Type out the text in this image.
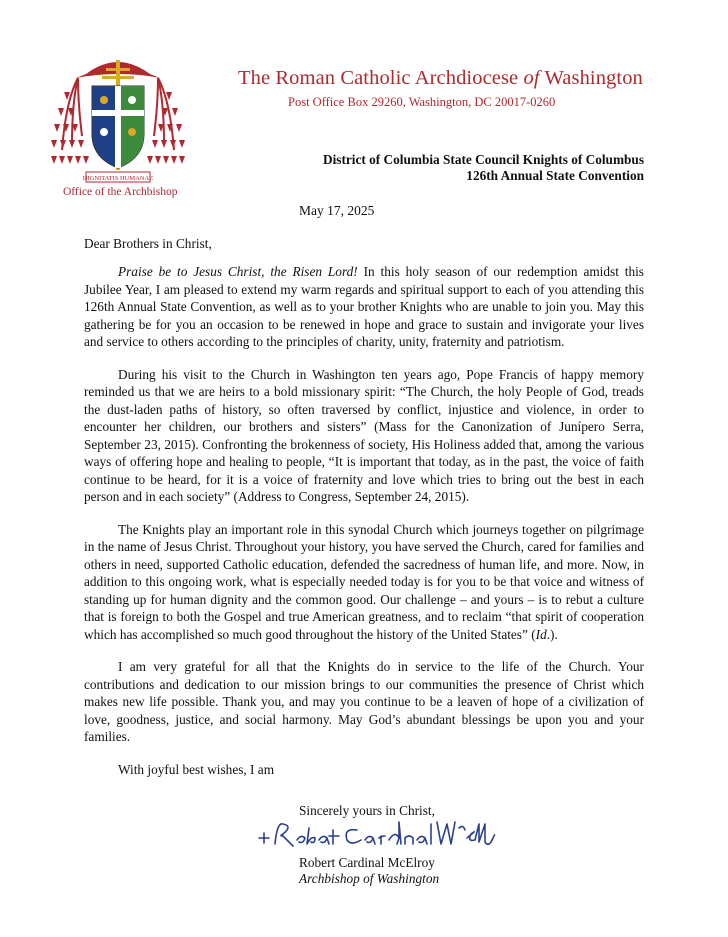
DIGNITATIS HUMANAE
Office of the Archbishop
The Roman Catholic Archdiocese of Washington
Post Office Box 29260, Washington, DC 20017-0260
District of Columbia State Council Knights of Columbus
126th Annual State Convention
May 17, 2025
Dear Brothers in Christ,

Praise be to Jesus Christ, the Risen Lord! In this holy season of our redemption amidst this Jubilee Year, I am pleased to extend my warm regards and spiritual support to each of you attending this 126th Annual State Convention, as well as to your brother Knights who are unable to join you. May this gathering be for you an occasion to be renewed in hope and grace to sustain and invigorate your lives and service to others according to the principles of charity, unity, fraternity and patriotism.

During his visit to the Church in Washington ten years ago, Pope Francis of happy memory reminded us that we are heirs to a bold missionary spirit: “The Church, the holy People of God, treads the dust-laden paths of history, so often traversed by conflict, injustice and violence, in order to encounter her children, our brothers and sisters” (Mass for the Canonization of Junípero Serra, September 23, 2015). Confronting the brokenness of society, His Holiness added that, among the various ways of offering hope and healing to people, “It is important that today, as in the past, the voice of faith continue to be heard, for it is a voice of fraternity and love which tries to bring out the best in each person and in each society” (Address to Congress, September 24, 2015).

The Knights play an important role in this synodal Church which journeys together on pilgrimage in the name of Jesus Christ. Throughout your history, you have served the Church, cared for families and others in need, supported Catholic education, defended the sacredness of human life, and more. Now, in addition to this ongoing work, what is especially needed today is for you to be that voice and witness of standing up for human dignity and the common good. Our challenge – and yours – is to rebut a culture that is foreign to both the Gospel and true American greatness, and to reclaim “that spirit of cooperation which has accomplished so much good throughout the history of the United States” (Id.).

I am very grateful for all that the Knights do in service to the life of the Church. Your contributions and dedication to our mission brings to our communities the presence of Christ which makes new life possible. Thank you, and may you continue to be a leaven of hope of a civilization of love, goodness, justice, and social harmony. May God’s abundant blessings be upon you and your families.

With joyful best wishes, I am

Sincerely yours in Christ,
Robert Cardinal McElroy
Archbishop of Washington
